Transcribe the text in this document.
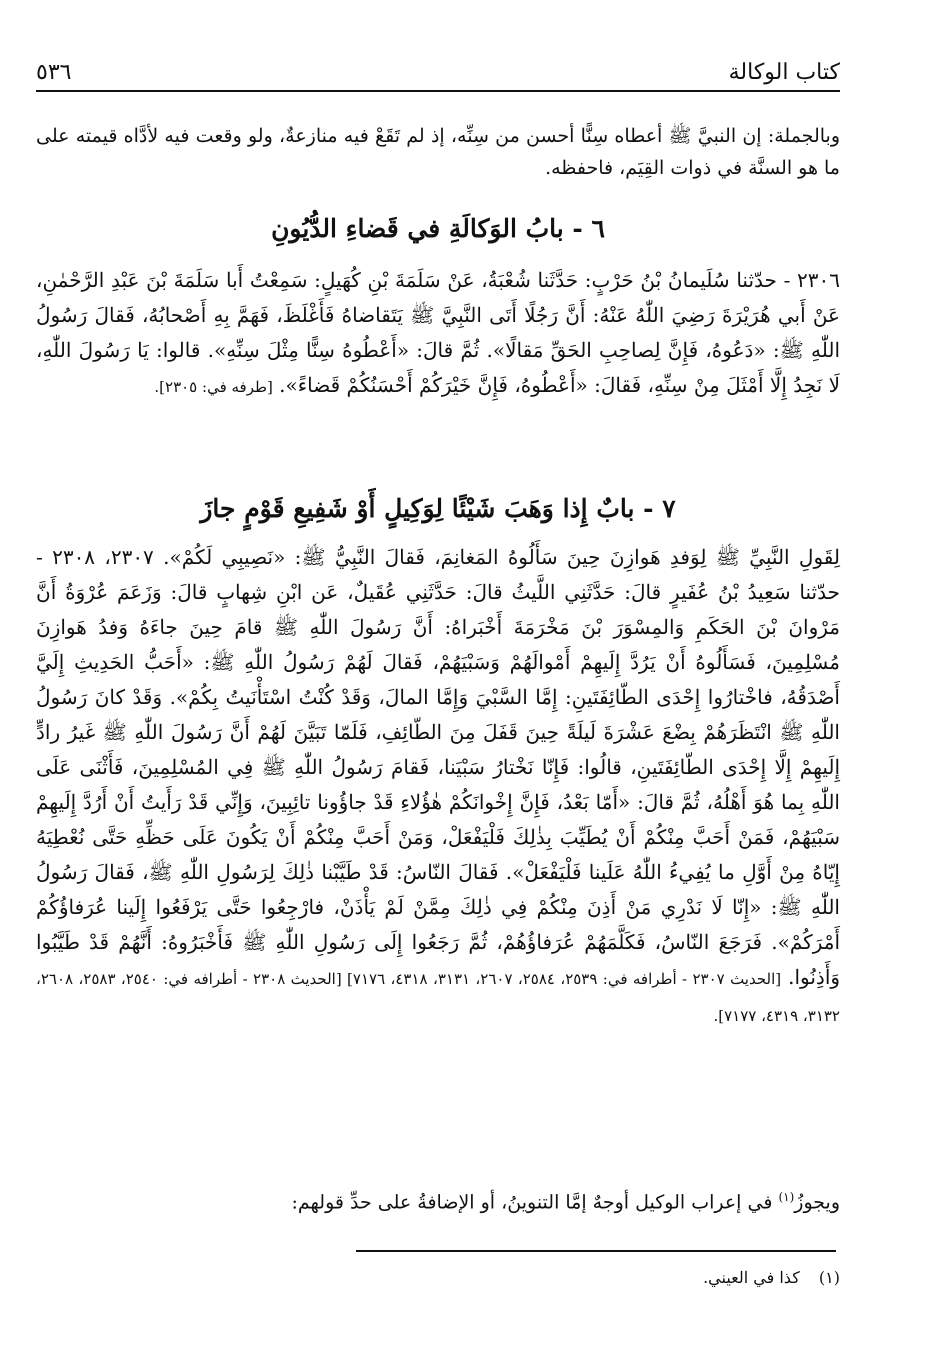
كتاب الوكالة
٥٣٦

وبالجملة: إن النبيَّ ﷺ أعطاه سِنًّا أحسن من سِنِّه، إذ لم تَقَعْ فيه منازعةٌ، ولو وقعت فيه لأدَّاه قيمته على ما هو السنَّة في ذوات القِيَم، فاحفظه.

٦ - بابُ الوَكالَةِ في قَضاءِ الدُّيُونِ

٢٣٠٦ - حدّثنا سُلَيمانُ بْنُ حَرْبٍ: حَدَّثَنا شُعْبَةُ، عَنْ سَلَمَةَ بْنِ كُهَيلٍ: سَمِعْتُ أَبا سَلَمَةَ بْنَ عَبْدِ الرَّحْمٰنِ، عَنْ أَبي هُرَيْرَةَ رَضِيَ اللّٰهُ عَنْهُ: أَنَّ رَجُلًا أَتَى النَّبِيَّ ﷺ يَتَقاضاهُ فَأَغْلَظَ، فَهَمَّ بِهِ أَصْحابُهُ، فَقالَ رَسُولُ اللّٰهِ ﷺ: «دَعُوهُ، فَإِنَّ لِصاحِبِ الحَقِّ مَقالًا». ثُمَّ قالَ: «أَعْطُوهُ سِنًّا مِثْلَ سِنِّهِ». قالوا: يَا رَسُولَ اللّٰهِ، لَا نَجِدُ إِلَّا أَمْثَلَ مِنْ سِنِّهِ، فَقالَ: «أَعْطُوهُ، فَإِنَّ خَيْرَكُمْ أَحْسَنُكُمْ قَضاءً». [طرفه في: ٢٣٠٥].

٧ - بابٌ إِذا وَهَبَ شَيْئًا لِوَكِيلٍ أَوْ شَفِيعِ قَوْمٍ جازَ

لِقَولِ النَّبِيِّ ﷺ لِوَفدِ هَوازِنَ حِينَ سَأَلُوهُ المَغانِمَ، فَقالَ النَّبِيُّ ﷺ: «نَصِيبِي لَكُمْ». ٢٣٠٧، ٢٣٠٨ - حدّثنا سَعِيدُ بْنُ عُفَيرٍ قالَ: حَدَّثَنِي اللَّيثُ قالَ: حَدَّثَنِي عُقَيلٌ، عَن ابْنِ شِهابٍ قالَ: وَزَعَمَ عُرْوَةُ أَنَّ مَرْوانَ بْنَ الحَكَمِ وَالمِسْوَرَ بْنَ مَخْرَمَةَ أَخْبَراهُ: أَنَّ رَسُولَ اللّٰهِ ﷺ قامَ حِينَ جاءَهُ وَفدُ هَوازِنَ مُسْلِمِينَ، فَسَأَلُوهُ أَنْ يَرُدَّ إِلَيهِمْ أَمْوالَهُمْ وَسَبْيَهُمْ، فَقالَ لَهُمْ رَسُولُ اللّٰهِ ﷺ: «أَحَبُّ الحَدِيثِ إِلَيَّ أَصْدَقُهُ، فاخْتارُوا إِحْدَى الطّائِفَتَينِ: إِمَّا السَّبْيَ وَإِمَّا المالَ، وَقَدْ كُنْتُ اسْتَأْنَيتُ بِكُمْ». وَقَدْ كانَ رَسُولُ اللّٰهِ ﷺ انْتَظَرَهُمْ بِضْعَ عَشْرَةَ لَيلَةً حِينَ قَفَلَ مِنَ الطّائِفِ، فَلَمّا تَبَيَّنَ لَهُمْ أَنَّ رَسُولَ اللّٰهِ ﷺ غَيرُ رادٍّ إِلَيهِمْ إِلَّا إِحْدَى الطّائِفَتَينِ، قالُوا: فَإِنّا نَخْتارُ سَبْيَنا، فَقامَ رَسُولُ اللّٰهِ ﷺ فِي المُسْلِمِينَ، فَأَثْنَى عَلَى اللّٰهِ بِما هُوَ أَهْلُهُ، ثُمَّ قالَ: «أَمّا بَعْدُ، فَإِنَّ إِخْوانَكُمْ هٰؤُلاءِ قَدْ جاؤُونا تائِبِينَ، وَإِنِّي قَدْ رَأَيتُ أَنْ أَرُدَّ إِلَيهِمْ سَبْيَهُمْ، فَمَنْ أَحَبَّ مِنْكُمْ أَنْ يُطَيِّبَ بِذٰلِكَ فَلْيَفْعَلْ، وَمَنْ أَحَبَّ مِنْكُمْ أَنْ يَكُونَ عَلَى حَظِّهِ حَتَّى نُعْطِيَهُ إِيّاهُ مِنْ أَوَّلِ ما يُفِيءُ اللّٰهُ عَلَينا فَلْيَفْعَلْ». فَقالَ النّاسُ: قَدْ طَيَّبْنا ذٰلِكَ لِرَسُولِ اللّٰهِ ﷺ، فَقالَ رَسُولُ اللّٰهِ ﷺ: «إِنّا لَا نَدْرِي مَنْ أَذِنَ مِنْكُمْ فِي ذٰلِكَ مِمَّنْ لَمْ يَأْذَنْ، فارْجِعُوا حَتَّى يَرْفَعُوا إِلَينا عُرَفاؤُكُمْ أَمْرَكُمْ». فَرَجَعَ النّاسُ، فَكَلَّمَهُمْ عُرَفاؤُهُمْ، ثُمَّ رَجَعُوا إِلَى رَسُولِ اللّٰهِ ﷺ فَأَخْبَرُوهُ: أَنَّهُمْ قَدْ طَيَّبُوا وَأَذِنُوا. [الحديث ٢٣٠٧ - أطرافه في: ٢٥٣٩، ٢٥٨٤، ٢٦٠٧، ٣١٣١، ٤٣١٨، ٧١٧٦] [الحديث ٢٣٠٨ - أطرافه في: ٢٥٤٠، ٢٥٨٣، ٢٦٠٨، ٣١٣٢، ٤٣١٩، ٧١٧٧].

ويجوزُ$^{(١)}$ في إعراب الوكيل أوجهٌ إمَّا التنوينُ، أو الإضافةُ على حدِّ قولهم:

(١) كذا في العيني.
